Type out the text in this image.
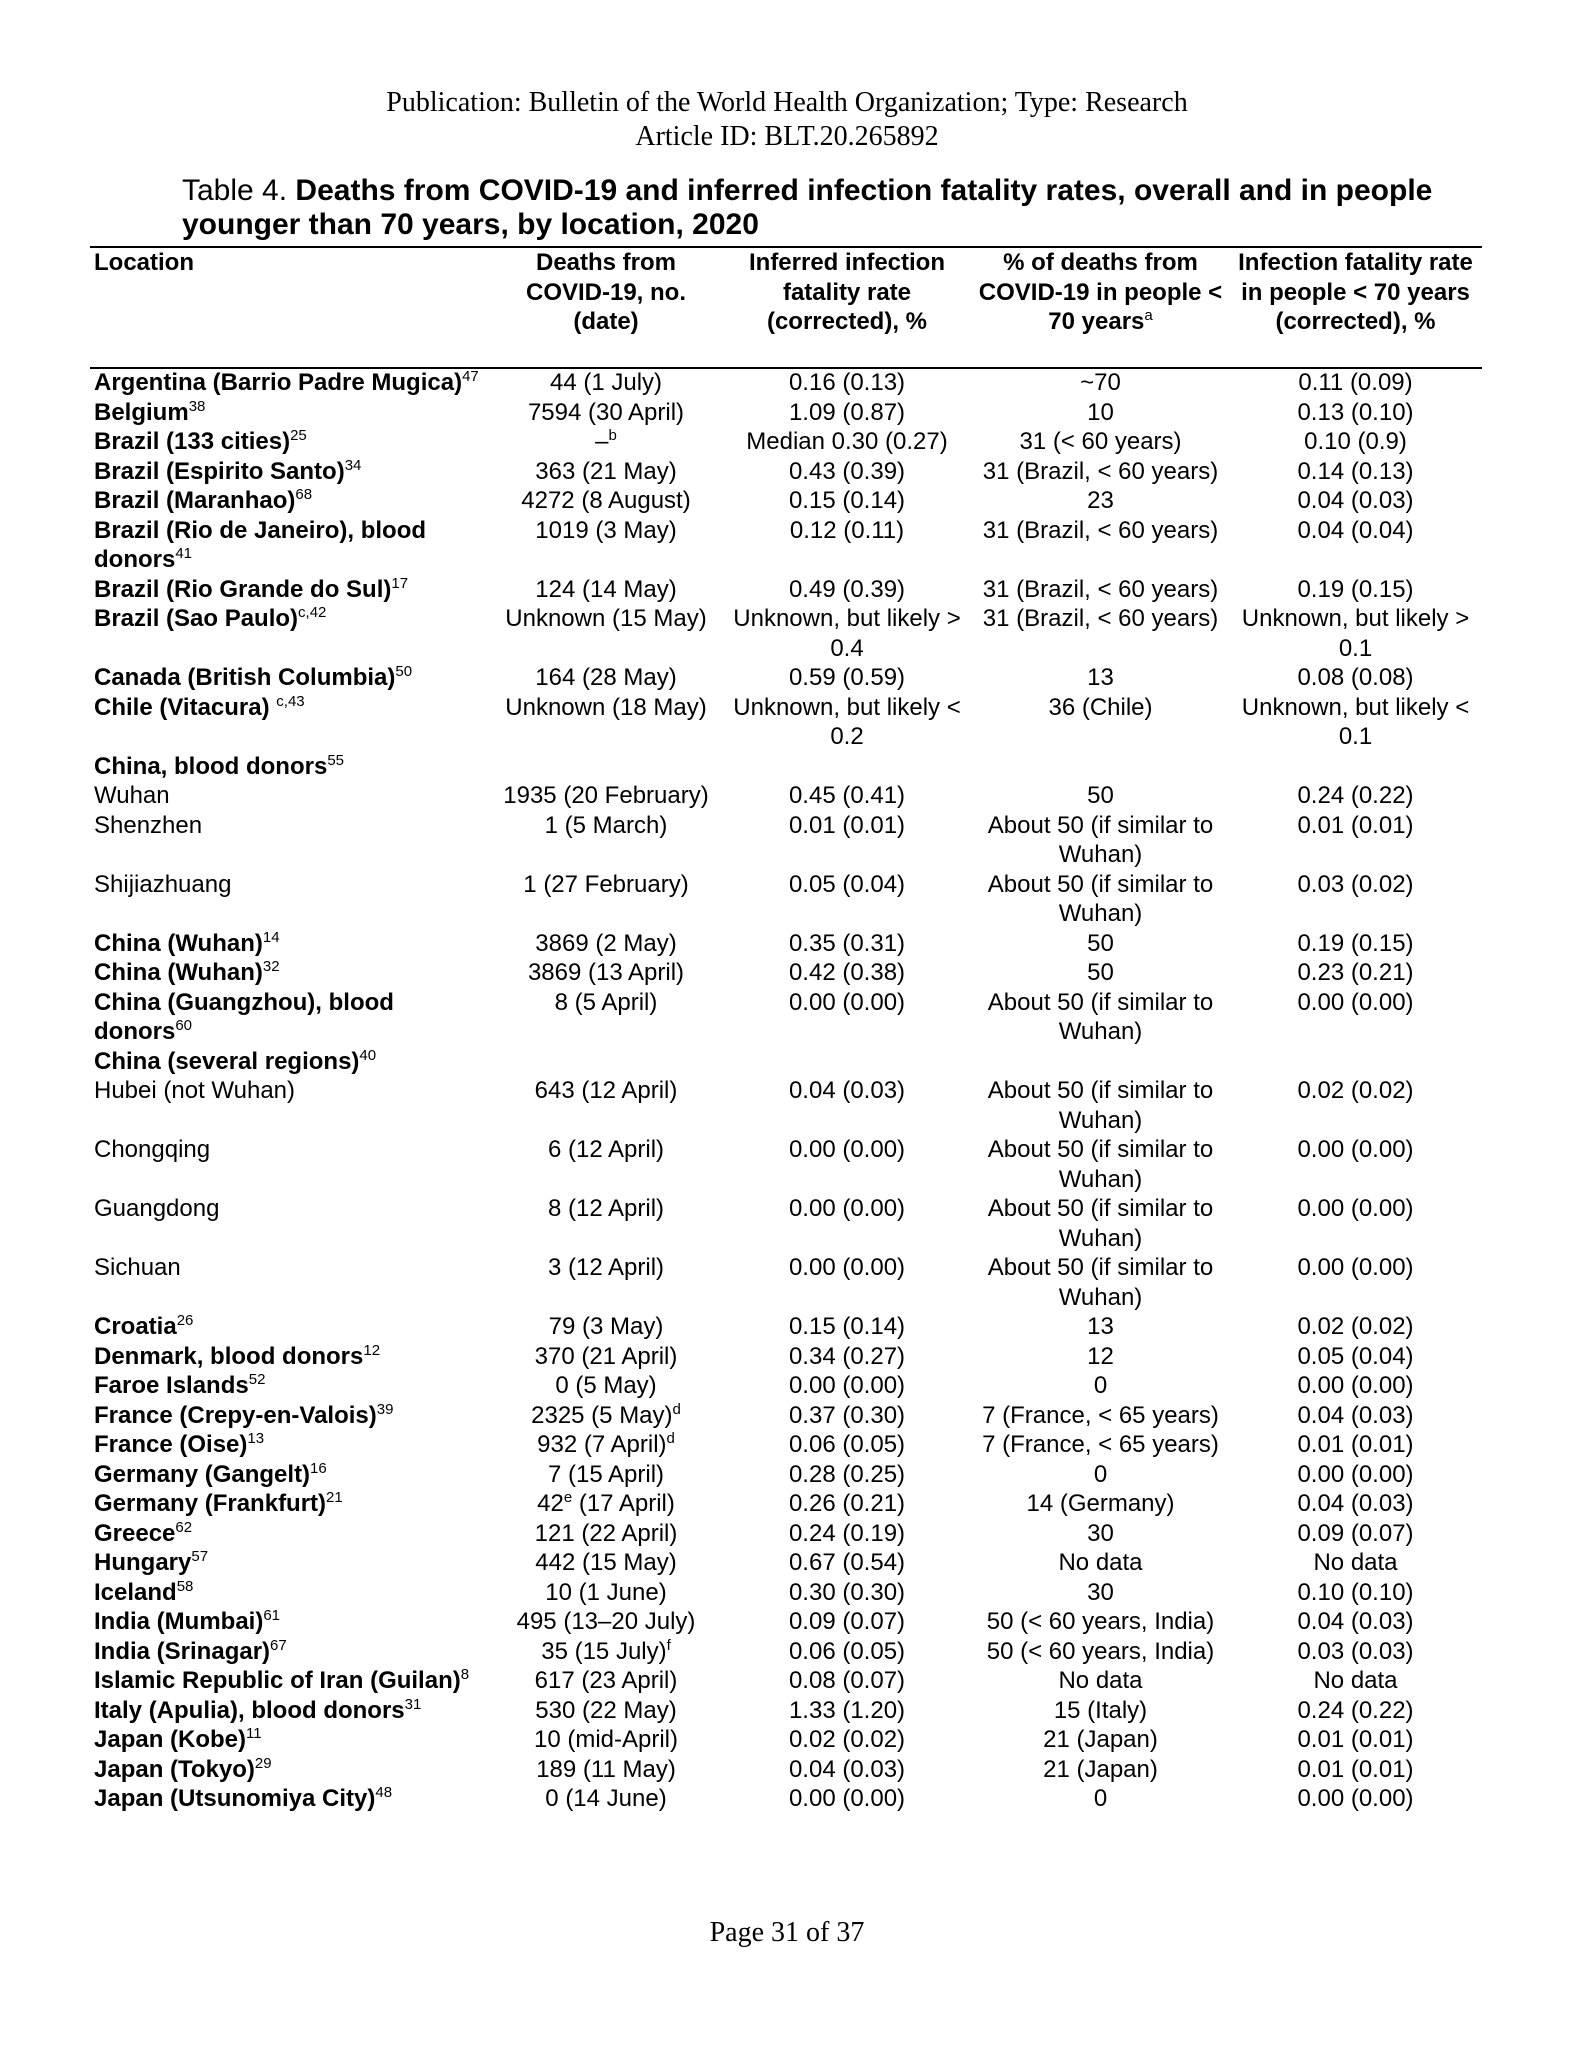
Publication: Bulletin of the World Health Organization; Type: Research
Article ID: BLT.20.265892
Table 4. Deaths from COVID-19 and inferred infection fatality rates, overall and in people younger than 70 years, by location, 2020
Location	Deaths from COVID-19, no. (date)	Inferred infection fatality rate (corrected), %	% of deaths from COVID-19 in people < 70 years$^a$	Infection fatality rate in people < 70 years (corrected), %
Argentina (Barrio Padre Mugica)$^{47}$	44 (1 July)	0.16 (0.13)	~70	0.11 (0.09)
Belgium$^{38}$	7594 (30 April)	1.09 (0.87)	10	0.13 (0.10)
Brazil (133 cities)$^{25}$	–$^b$	Median 0.30 (0.27)	31 (< 60 years)	0.10 (0.9)
Brazil (Espirito Santo)$^{34}$	363 (21 May)	0.43 (0.39)	31 (Brazil, < 60 years)	0.14 (0.13)
Brazil (Maranhao)$^{68}$	4272 (8 August)	0.15 (0.14)	23	0.04 (0.03)
Brazil (Rio de Janeiro), blood donors$^{41}$	1019 (3 May)	0.12 (0.11)	31 (Brazil, < 60 years)	0.04 (0.04)
Brazil (Rio Grande do Sul)$^{17}$	124 (14 May)	0.49 (0.39)	31 (Brazil, < 60 years)	0.19 (0.15)
Brazil (Sao Paulo)$^{c,42}$	Unknown (15 May)	Unknown, but likely > 0.4	31 (Brazil, < 60 years)	Unknown, but likely > 0.1
Canada (British Columbia)$^{50}$	164 (28 May)	0.59 (0.59)	13	0.08 (0.08)
Chile (Vitacura) $^{c,43}$	Unknown (18 May)	Unknown, but likely < 0.2	36 (Chile)	Unknown, but likely < 0.1
China, blood donors$^{55}$				
Wuhan	1935 (20 February)	0.45 (0.41)	50	0.24 (0.22)
Shenzhen	1 (5 March)	0.01 (0.01)	About 50 (if similar to Wuhan)	0.01 (0.01)
Shijiazhuang	1 (27 February)	0.05 (0.04)	About 50 (if similar to Wuhan)	0.03 (0.02)
China (Wuhan)$^{14}$	3869 (2 May)	0.35 (0.31)	50	0.19 (0.15)
China (Wuhan)$^{32}$	3869 (13 April)	0.42 (0.38)	50	0.23 (0.21)
China (Guangzhou), blood donors$^{60}$	8 (5 April)	0.00 (0.00)	About 50 (if similar to Wuhan)	0.00 (0.00)
China (several regions)$^{40}$				
Hubei (not Wuhan)	643 (12 April)	0.04 (0.03)	About 50 (if similar to Wuhan)	0.02 (0.02)
Chongqing	6 (12 April)	0.00 (0.00)	About 50 (if similar to Wuhan)	0.00 (0.00)
Guangdong	8 (12 April)	0.00 (0.00)	About 50 (if similar to Wuhan)	0.00 (0.00)
Sichuan	3 (12 April)	0.00 (0.00)	About 50 (if similar to Wuhan)	0.00 (0.00)
Croatia$^{26}$	79 (3 May)	0.15 (0.14)	13	0.02 (0.02)
Denmark, blood donors$^{12}$	370 (21 April)	0.34 (0.27)	12	0.05 (0.04)
Faroe Islands$^{52}$	0 (5 May)	0.00 (0.00)	0	0.00 (0.00)
France (Crepy-en-Valois)$^{39}$	2325 (5 May)$^d$	0.37 (0.30)	7 (France, < 65 years)	0.04 (0.03)
France (Oise)$^{13}$	932 (7 April)$^d$	0.06 (0.05)	7 (France, < 65 years)	0.01 (0.01)
Germany (Gangelt)$^{16}$	7 (15 April)	0.28 (0.25)	0	0.00 (0.00)
Germany (Frankfurt)$^{21}$	42e (17 April)	0.26 (0.21)	14 (Germany)	0.04 (0.03)
Greece$^{62}$	121 (22 April)	0.24 (0.19)	30	0.09 (0.07)
Hungary$^{57}$	442 (15 May)	0.67 (0.54)	No data	No data
Iceland$^{58}$	10 (1 June)	0.30 (0.30)	30	0.10 (0.10)
India (Mumbai)$^{61}$	495 (13–20 July)	0.09 (0.07)	50 (< 60 years, India)	0.04 (0.03)
India (Srinagar)$^{67}$	35 (15 July)$^f$	0.06 (0.05)	50 (< 60 years, India)	0.03 (0.03)
Islamic Republic of Iran (Guilan)$^8$	617 (23 April)	0.08 (0.07)	No data	No data
Italy (Apulia), blood donors$^{31}$	530 (22 May)	1.33 (1.20)	15 (Italy)	0.24 (0.22)
Japan (Kobe)$^{11}$	10 (mid-April)	0.02 (0.02)	21 (Japan)	0.01 (0.01)
Japan (Tokyo)$^{29}$	189 (11 May)	0.04 (0.03)	21 (Japan)	0.01 (0.01)
Japan (Utsunomiya City)$^{48}$	0 (14 June)	0.00 (0.00)	0	0.00 (0.00)
Page 31 of 37
